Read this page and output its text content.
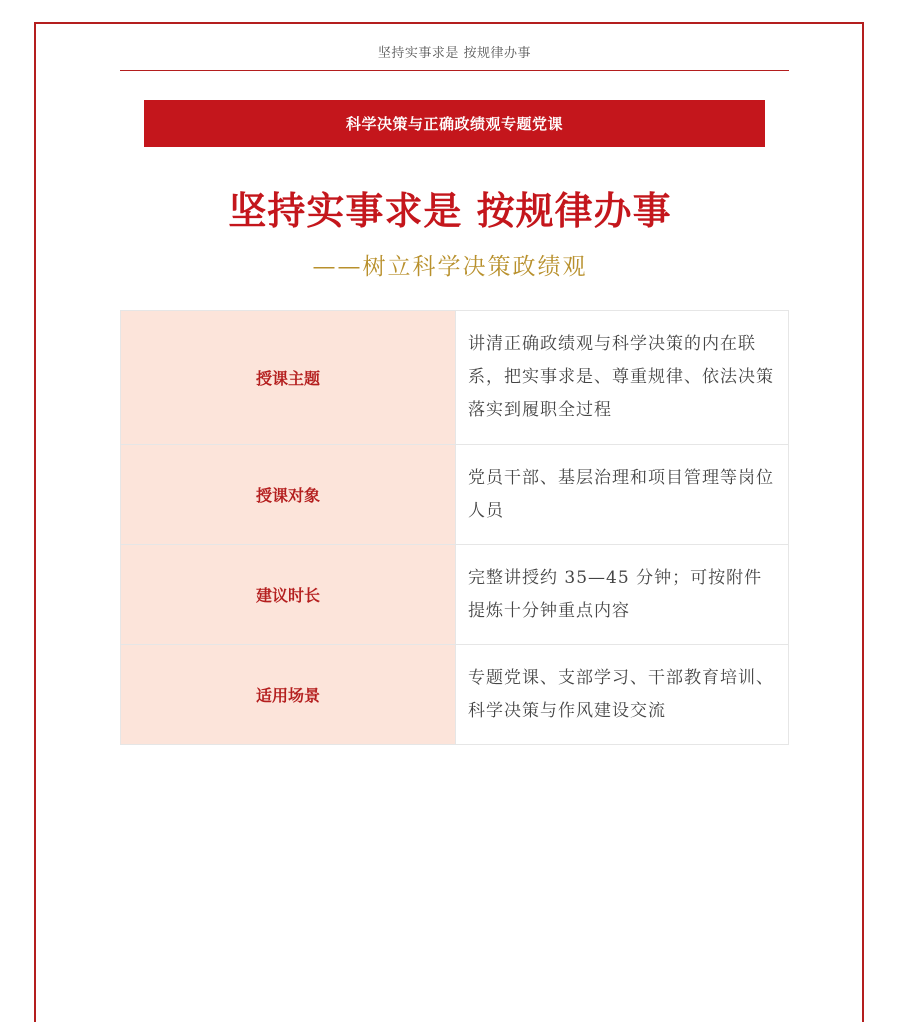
坚持实事求是 按规律办事
科学决策与正确政绩观专题党课
坚持实事求是 按规律办事
——树立科学决策政绩观
授课主题	讲清正确政绩观与科学决策的内在联系，把实事求是、尊重规律、依法决策落实到履职全过程
授课对象	党员干部、基层治理和项目管理等岗位人员
建议时长	完整讲授约 35—45 分钟；可按附件提炼十分钟重点内容
适用场景	专题党课、支部学习、干部教育培训、科学决策与作风建设交流
